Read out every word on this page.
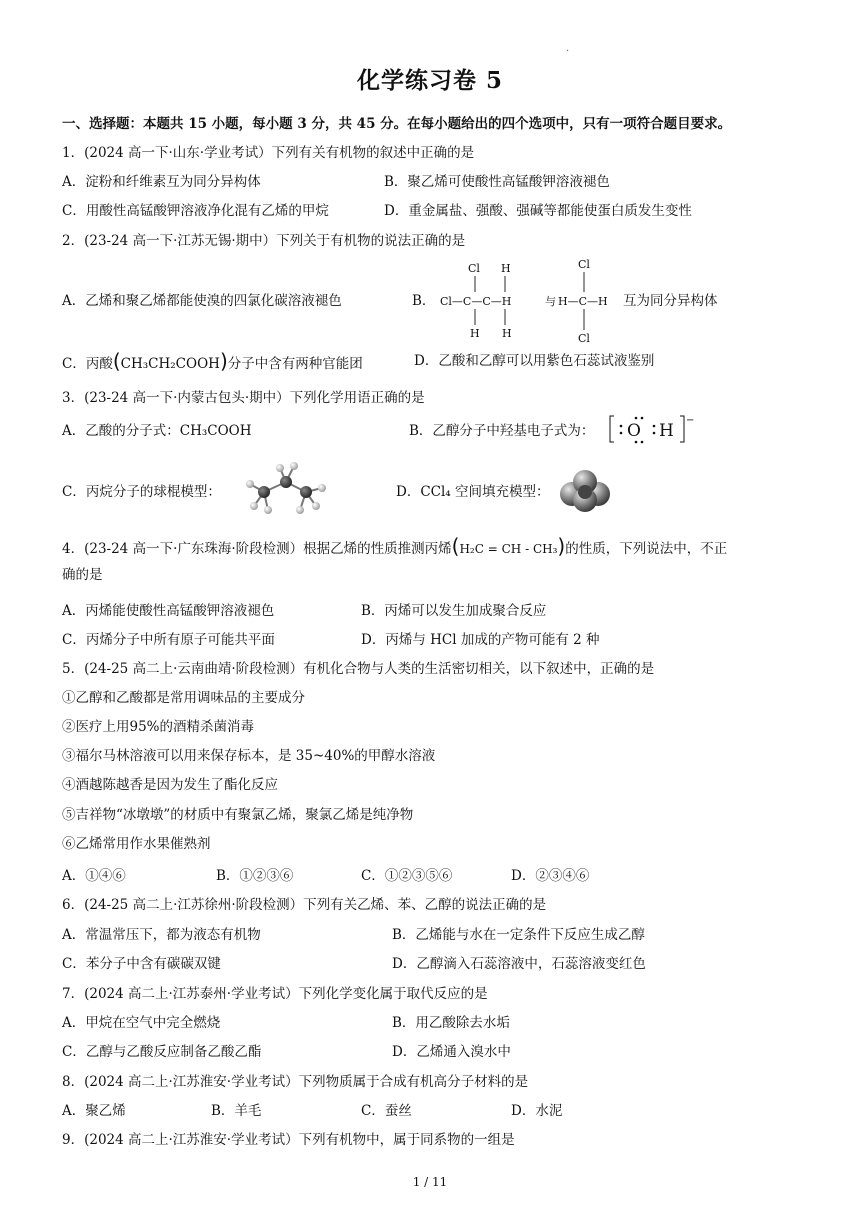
·
化学练习卷 5
一、选择题：本题共 15 小题，每小题 3 分，共 45 分。在每小题给出的四个选项中，只有一项符合题目要求。
1．(2024 高一下·山东·学业考试）下列有关有机物的叙述中正确的是
A．淀粉和纤维素互为同分异构体	B．聚乙烯可使酸性高锰酸钾溶液褪色
C．用酸性高锰酸钾溶液净化混有乙烯的甲烷	D．重金属盐、强酸、强碱等都能使蛋白质发生变性
2．(23-24 高一下·江苏无锡·期中）下列关于有机物的说法正确的是
A．乙烯和聚乙烯都能使溴的四氯化碳溶液褪色	B．
Cl H
Cl—C—C—H
H H
与
Cl
H—C—H
Cl
互为同分异构体
C．丙酸(CH₃CH₂COOH)分子中含有两种官能团	D．乙酸和乙醇可以用紫色石蕊试液鉴别
3．(23-24 高一下·内蒙古包头·期中）下列化学用语正确的是
A．乙酸的分子式：CH₃COOH	B．乙醇分子中羟基电子式为： O H
−
C．丙烷分子的球棍模型：	D．CCl₄ 空间填充模型：
4．(23-24 高一下·广东珠海·阶段检测）根据乙烯的性质推测丙烯(H₂C = CH - CH₃)的性质，下列说法中，不正
确的是
A．丙烯能使酸性高锰酸钾溶液褪色	B．丙烯可以发生加成聚合反应
C．丙烯分子中所有原子可能共平面	D．丙烯与 HCl 加成的产物可能有 2 种
5．(24-25 高二上·云南曲靖·阶段检测）有机化合物与人类的生活密切相关，以下叙述中，正确的是
①乙醇和乙酸都是常用调味品的主要成分
②医疗上用95%的酒精杀菌消毒
③福尔马林溶液可以用来保存标本，是 35~40%的甲醇水溶液
④酒越陈越香是因为发生了酯化反应
⑤吉祥物“冰墩墩”的材质中有聚氯乙烯，聚氯乙烯是纯净物
⑥乙烯常用作水果催熟剂
A．①④⑥	B．①②③⑥	C．①②③⑤⑥	D．②③④⑥
6．(24-25 高二上·江苏徐州·阶段检测）下列有关乙烯、苯、乙醇的说法正确的是
A．常温常压下，都为液态有机物	B．乙烯能与水在一定条件下反应生成乙醇
C．苯分子中含有碳碳双键	D．乙醇滴入石蕊溶液中，石蕊溶液变红色
7．(2024 高二上·江苏泰州·学业考试）下列化学变化属于取代反应的是
A．甲烷在空气中完全燃烧	B．用乙酸除去水垢
C．乙醇与乙酸反应制备乙酸乙酯	D．乙烯通入溴水中
8．(2024 高二上·江苏淮安·学业考试）下列物质属于合成有机高分子材料的是
A．聚乙烯	B．羊毛	C．蚕丝	D．水泥
9．(2024 高二上·江苏淮安·学业考试）下列有机物中，属于同系物的一组是
1 / 11
